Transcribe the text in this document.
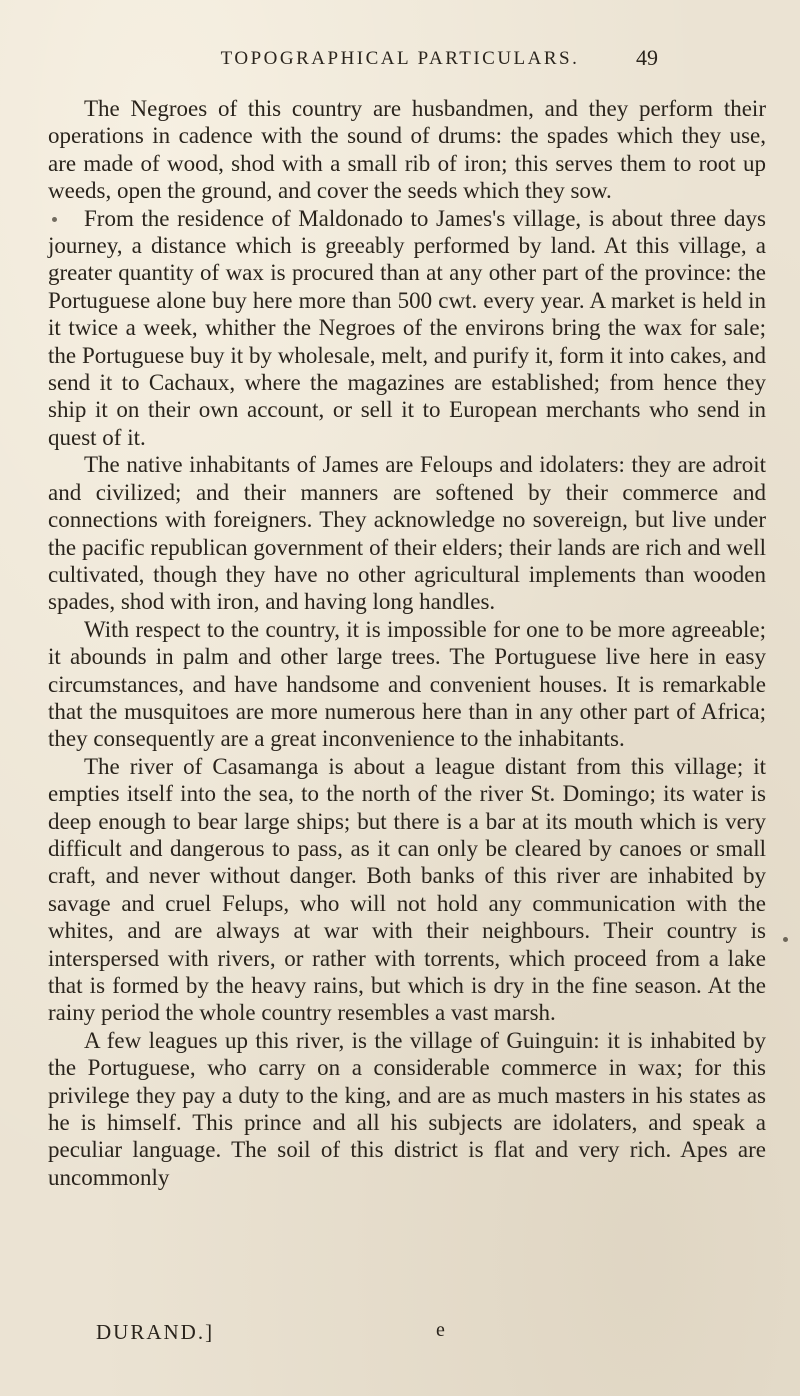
TOPOGRAPHICAL PARTICULARS.	49

The Negroes of this country are husbandmen, and they perform their operations in cadence with the sound of drums: the spades which they use, are made of wood, shod with a small rib of iron; this serves them to root up weeds, open the ground, and cover the seeds which they sow.

From the residence of Maldonado to James's village, is about three days journey, a distance which is greeably performed by land. At this village, a greater quantity of wax is procured than at any other part of the province: the Portuguese alone buy here more than 500 cwt. every year. A market is held in it twice a week, whither the Negroes of the environs bring the wax for sale; the Portuguese buy it by wholesale, melt, and purify it, form it into cakes, and send it to Cachaux, where the magazines are established; from hence they ship it on their own account, or sell it to European merchants who send in quest of it.

The native inhabitants of James are Feloups and idolaters: they are adroit and civilized; and their manners are softened by their commerce and connections with foreigners. They acknowledge no sovereign, but live under the pacific republican government of their elders; their lands are rich and well cultivated, though they have no other agricultural implements than wooden spades, shod with iron, and having long handles.

With respect to the country, it is impossible for one to be more agreeable; it abounds in palm and other large trees. The Portuguese live here in easy circumstances, and have handsome and convenient houses. It is remarkable that the musquitoes are more numerous here than in any other part of Africa; they consequently are a great inconvenience to the inhabitants.

The river of Casamanga is about a league distant from this village; it empties itself into the sea, to the north of the river St. Domingo; its water is deep enough to bear large ships; but there is a bar at its mouth which is very difficult and dangerous to pass, as it can only be cleared by canoes or small craft, and never without danger. Both banks of this river are inhabited by savage and cruel Felups, who will not hold any communication with the whites, and are always at war with their neighbours. Their country is interspersed with rivers, or rather with torrents, which proceed from a lake that is formed by the heavy rains, but which is dry in the fine season. At the rainy period the whole country resembles a vast marsh.

A few leagues up this river, is the village of Guinguin: it is inhabited by the Portuguese, who carry on a considerable commerce in wax; for this privilege they pay a duty to the king, and are as much masters in his states as he is himself. This prince and all his subjects are idolaters, and speak a peculiar language. The soil of this district is flat and very rich. Apes are uncommonly

DURAND.]	e
